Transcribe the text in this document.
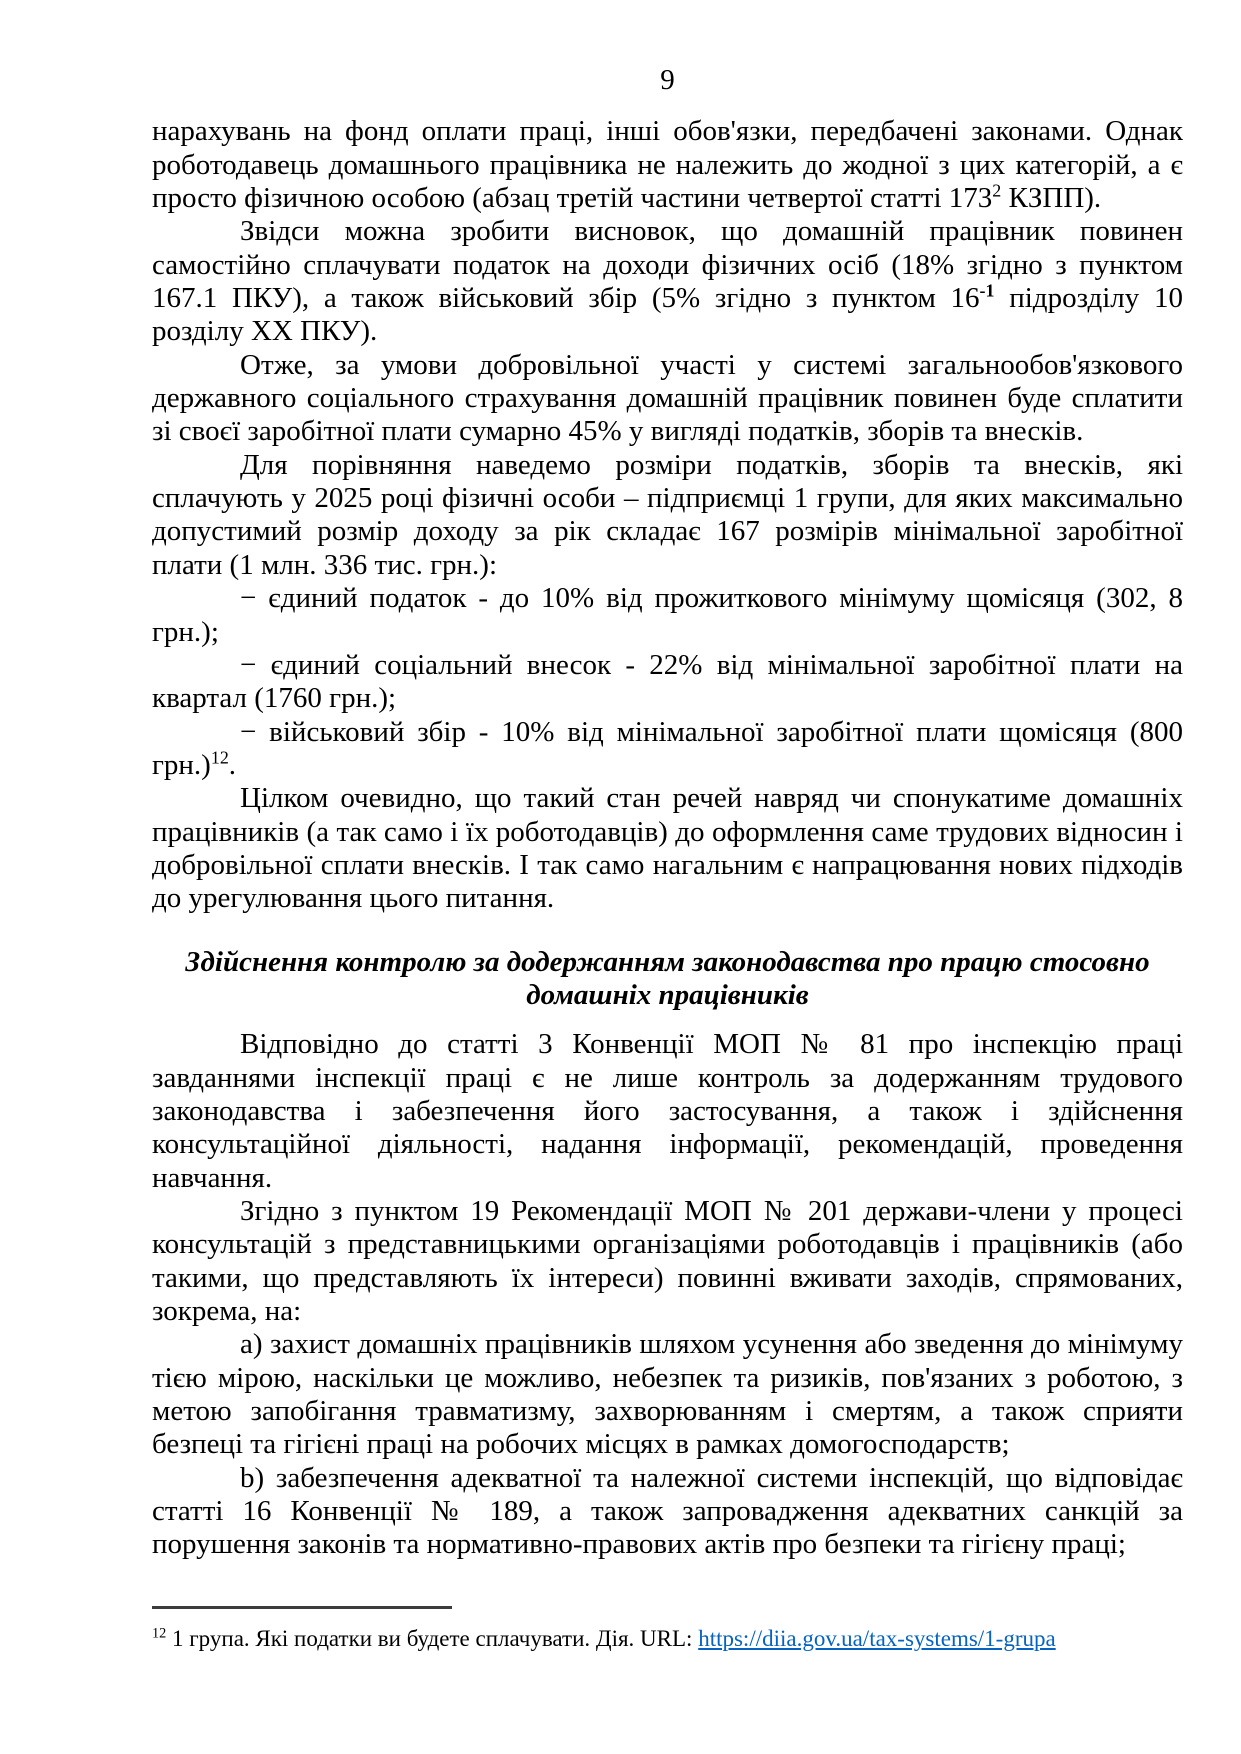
9

нарахувань на фонд оплати праці, інші обов'язки, передбачені законами. Однак роботодавець домашнього працівника не належить до жодної з цих категорій, а є просто фізичною особою (абзац третій частини четвертої статті $173^2$ КЗПП).

Звідси можна зробити висновок, що домашній працівник повинен самостійно сплачувати податок на доходи фізичних осіб (18% згідно з пунктом 167.1 ПКУ), а також військовий збір (5% згідно з пунктом $16^{-1}$ підрозділу 10 розділу ХХ ПКУ).

Отже, за умови добровільної участі у системі загальнообов'язкового державного соціального страхування домашній працівник повинен буде сплатити зі своєї заробітної плати сумарно 45% у вигляді податків, зборів та внесків.

Для порівняння наведемо розміри податків, зборів та внесків, які сплачують у 2025 році фізичні особи – підприємці 1 групи, для яких максимально допустимий розмір доходу за рік складає 167 розмірів мінімальної заробітної плати (1 млн. 336 тис. грн.):

− єдиний податок - до 10% від прожиткового мінімуму щомісяця (302, 8 грн.);

− єдиний соціальний внесок - 22% від мінімальної заробітної плати на квартал (1760 грн.);

− військовий збір - 10% від мінімальної заробітної плати щомісяця (800 грн.)$^{12}$.

Цілком очевидно, що такий стан речей навряд чи спонукатиме домашніх працівників (а так само і їх роботодавців) до оформлення саме трудових відносин і добровільної сплати внесків. І так само нагальним є напрацювання нових підходів до урегулювання цього питання.

Здійснення контролю за додержанням законодавства про працю стосовно домашніх працівників

Відповідно до статті 3 Конвенції МОП № 81 про інспекцію праці завданнями інспекції праці є не лише контроль за додержанням трудового законодавства і забезпечення його застосування, а також і здійснення консультаційної діяльності, надання інформації, рекомендацій, проведення навчання.

Згідно з пунктом 19 Рекомендації МОП № 201 держави-члени у процесі консультацій з представницькими організаціями роботодавців і працівників (або такими, що представляють їх інтереси) повинні вживати заходів, спрямованих, зокрема, на:

a) захист домашніх працівників шляхом усунення або зведення до мінімуму тією мірою, наскільки це можливо, небезпек та ризиків, пов'язаних з роботою, з метою запобігання травматизму, захворюванням і смертям, а також сприяти безпеці та гігієні праці на робочих місцях в рамках домогосподарств;

b) забезпечення адекватної та належної системи інспекцій, що відповідає статті 16 Конвенції № 189, а також запровадження адекватних санкцій за порушення законів та нормативно-правових актів про безпеки та гігієну праці;

$^{12}$ 1 група. Які податки ви будете сплачувати. Дія. URL: https://diia.gov.ua/tax-systems/1-grupa
